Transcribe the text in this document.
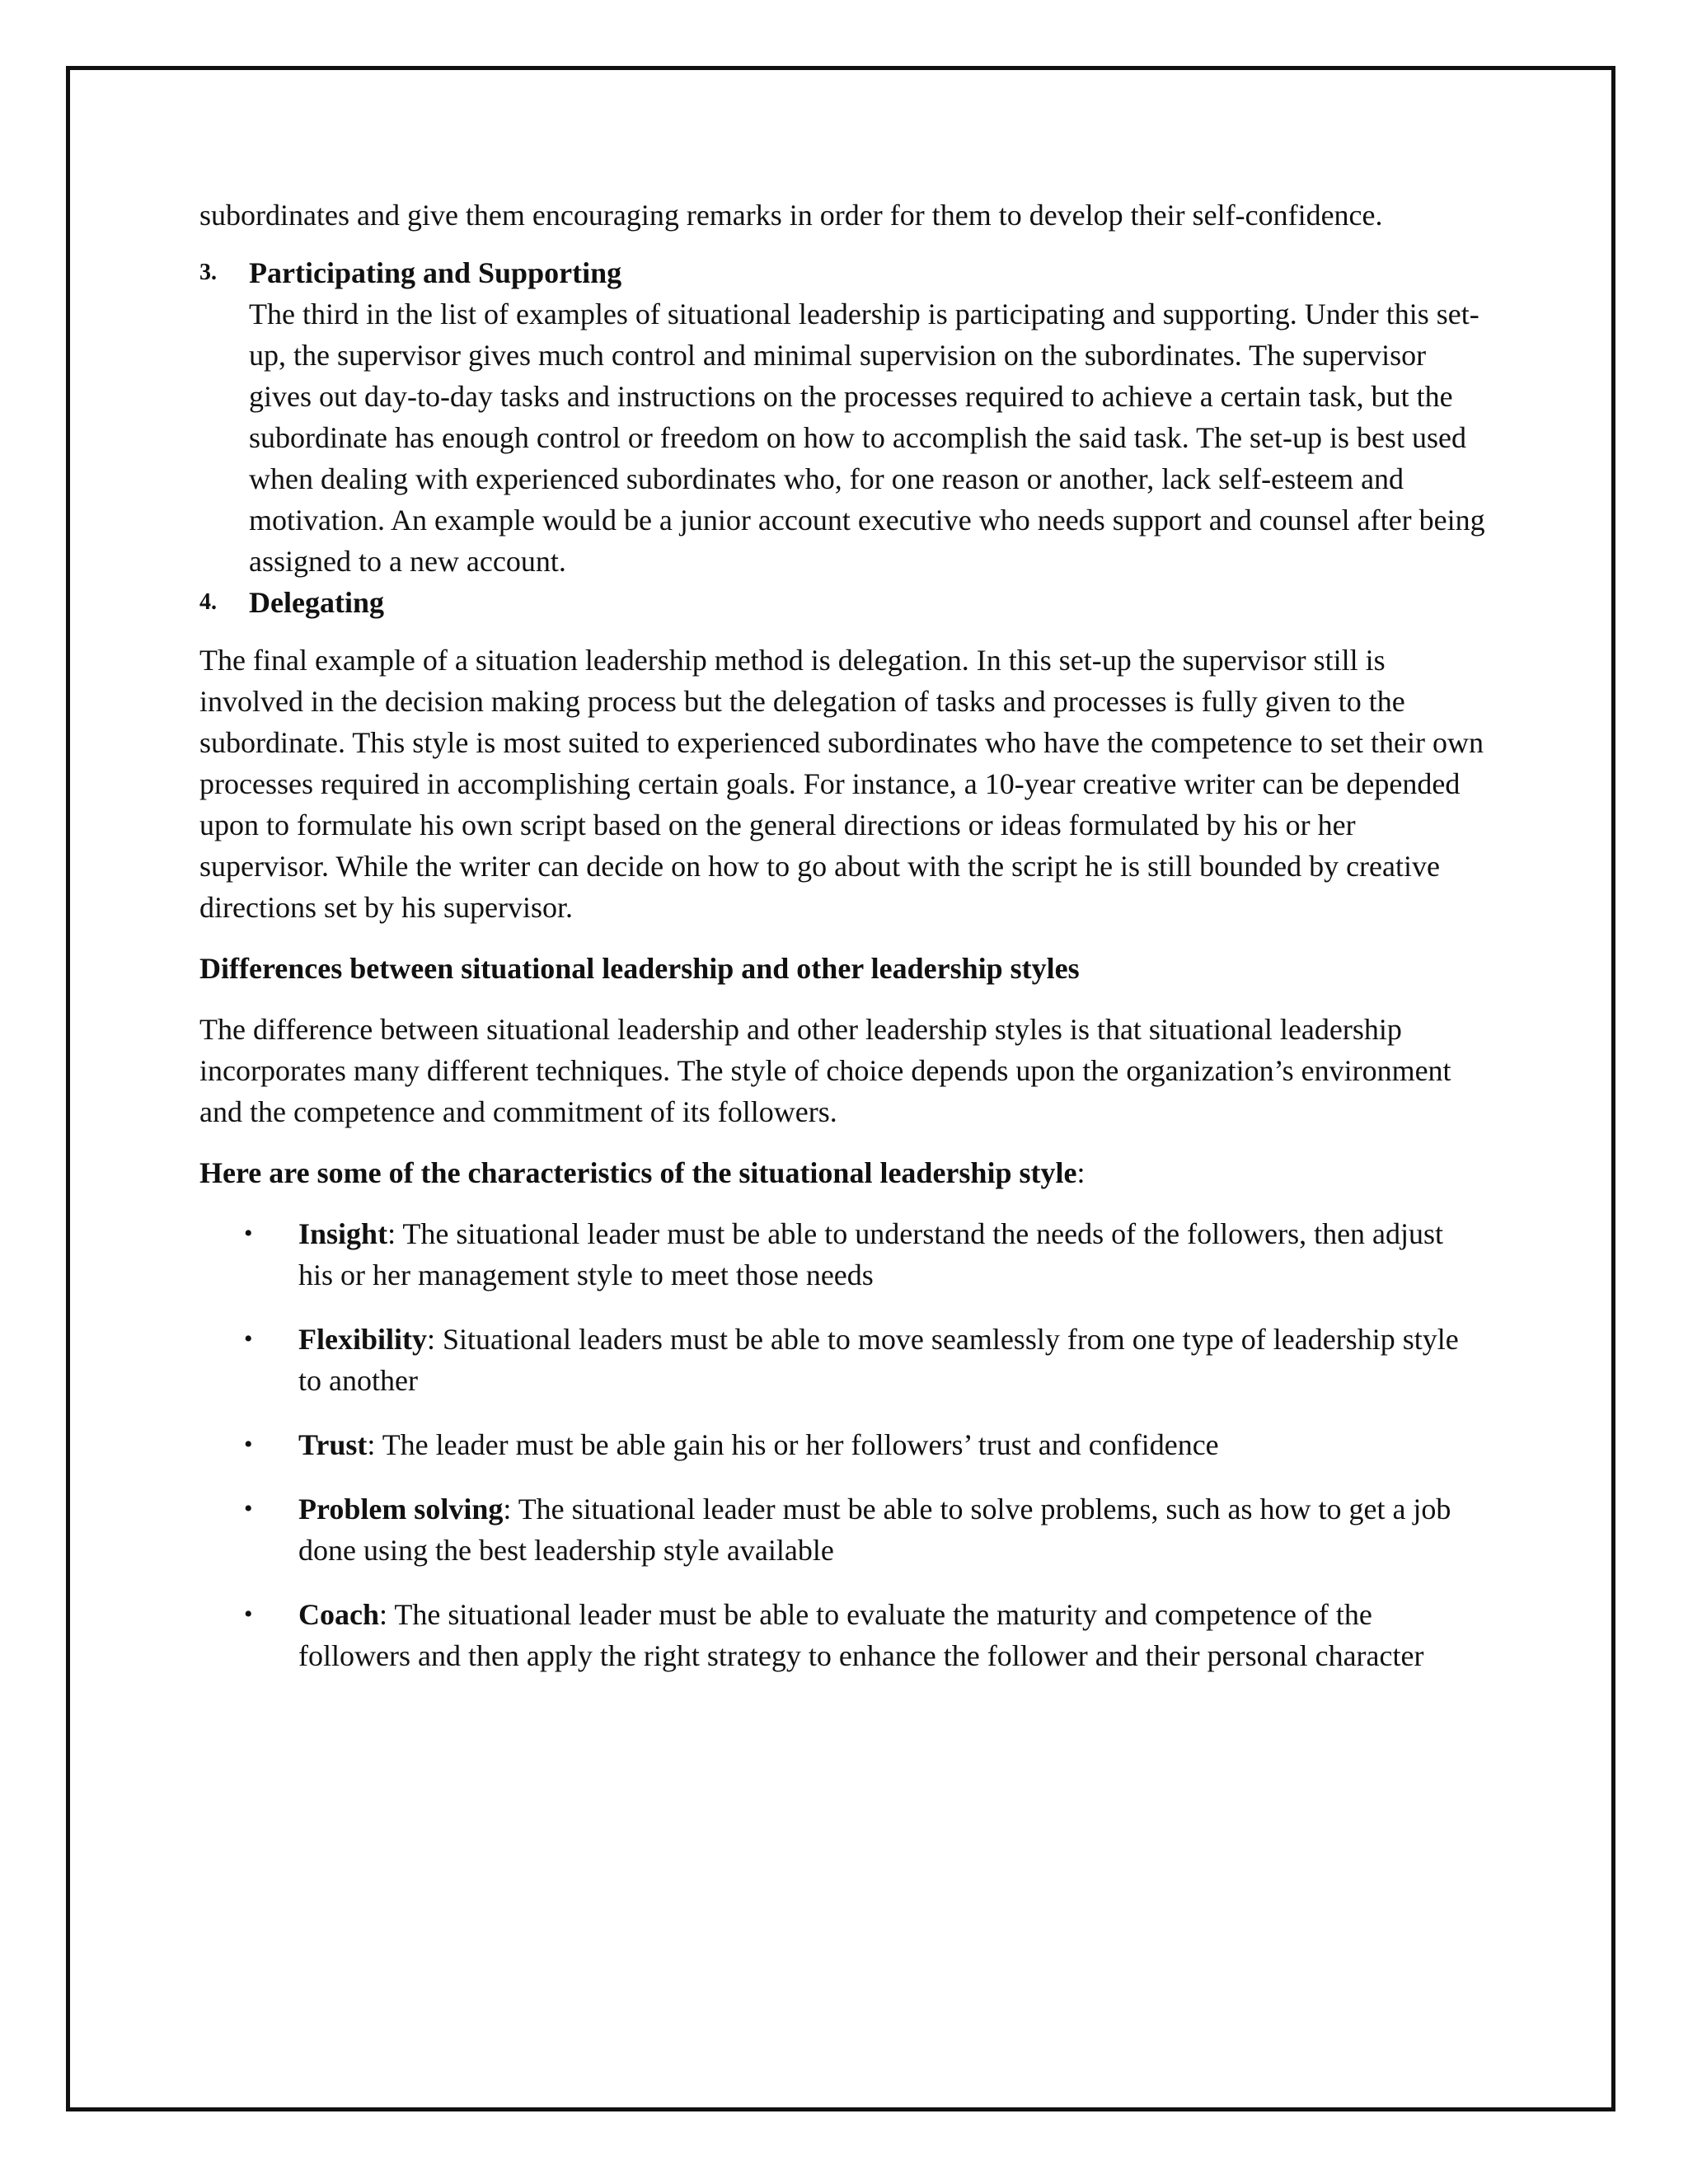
subordinates and give them encouraging remarks in order for them to develop their self-confidence.

3.	Participating and Supporting

The third in the list of examples of situational leadership is participating and supporting. Under this set-up, the supervisor gives much control and minimal supervision on the subordinates. The supervisor gives out day-to-day tasks and instructions on the processes required to achieve a certain task, but the subordinate has enough control or freedom on how to accomplish the said task. The set-up is best used when dealing with experienced subordinates who, for one reason or another, lack self-esteem and motivation. An example would be a junior account executive who needs support and counsel after being assigned to a new account.

4.	Delegating

The final example of a situation leadership method is delegation. In this set-up the supervisor still is involved in the decision making process but the delegation of tasks and processes is fully given to the subordinate. This style is most suited to experienced subordinates who have the competence to set their own processes required in accomplishing certain goals. For instance, a 10-year creative writer can be depended upon to formulate his own script based on the general directions or ideas formulated by his or her supervisor. While the writer can decide on how to go about with the script he is still bounded by creative directions set by his supervisor.

Differences between situational leadership and other leadership styles

The difference between situational leadership and other leadership styles is that situational leadership incorporates many different techniques. The style of choice depends upon the organization’s environment and the competence and commitment of its followers.

Here are some of the characteristics of the situational leadership style:

• Insight: The situational leader must be able to understand the needs of the followers, then adjust his or her management style to meet those needs
• Flexibility: Situational leaders must be able to move seamlessly from one type of leadership style to another
• Trust: The leader must be able gain his or her followers’ trust and confidence
• Problem solving: The situational leader must be able to solve problems, such as how to get a job done using the best leadership style available
• Coach: The situational leader must be able to evaluate the maturity and competence of the followers and then apply the right strategy to enhance the follower and their personal character
